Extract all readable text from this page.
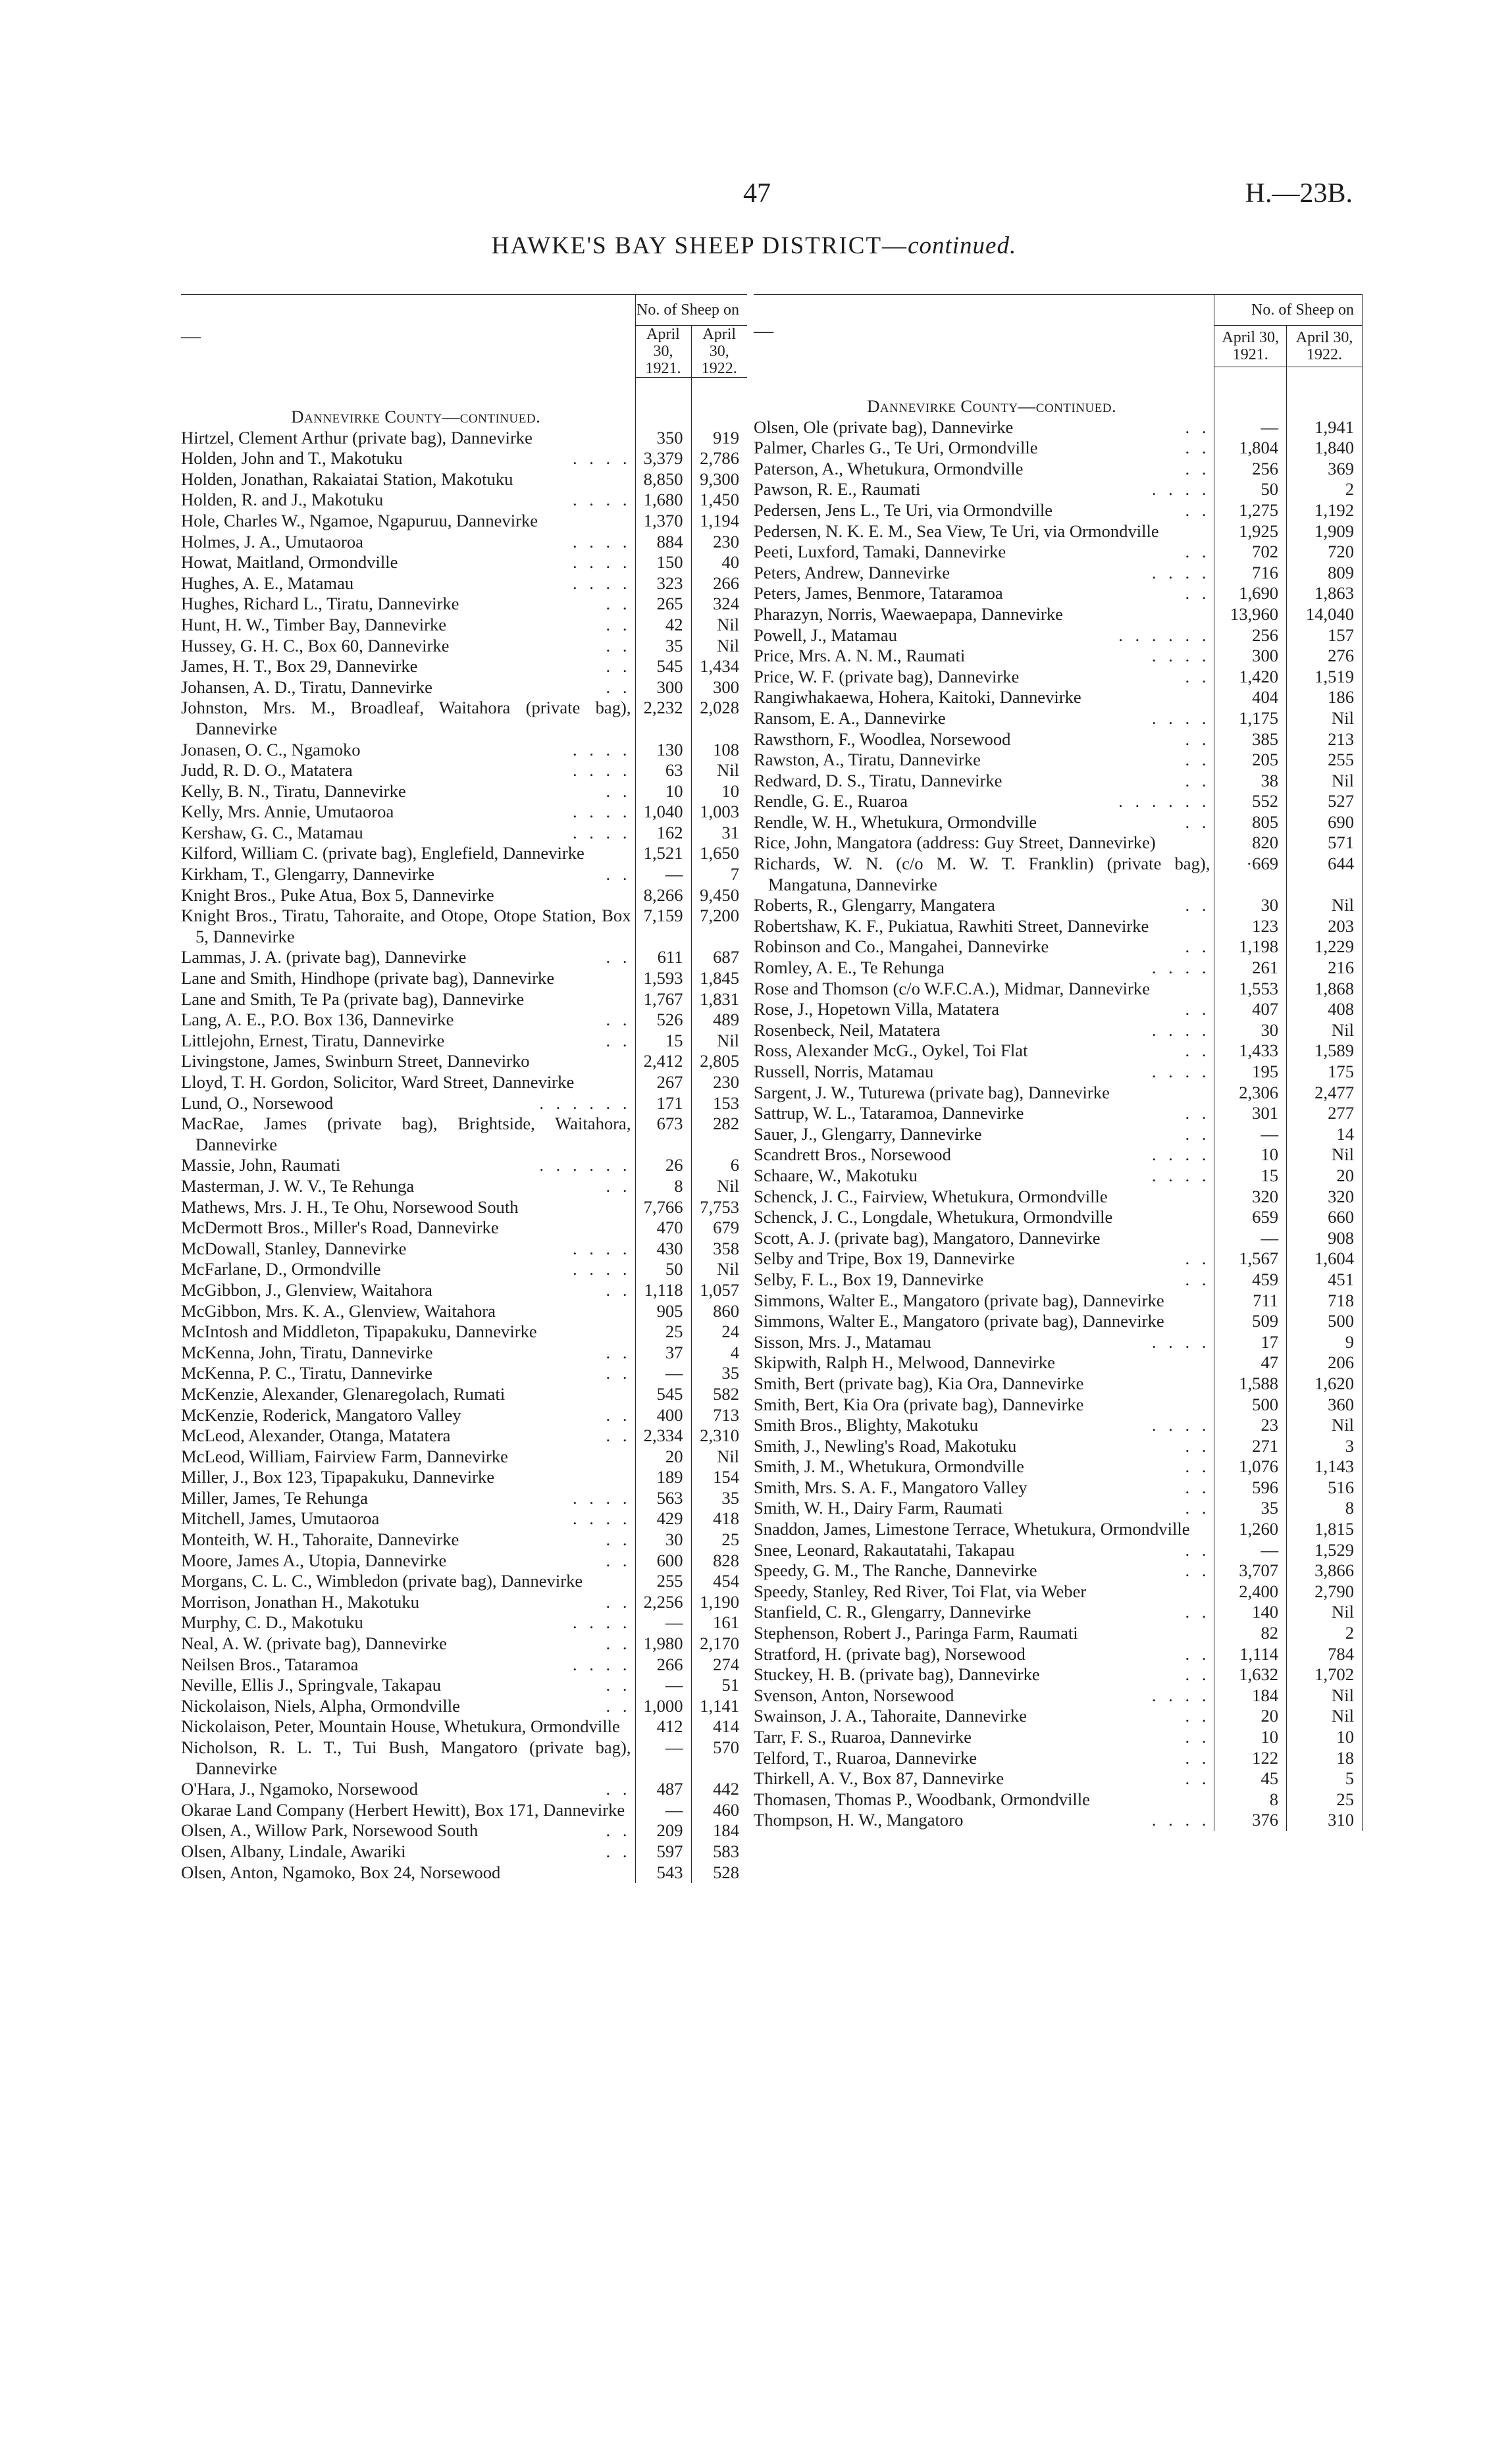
47	H.—23B.
HAWKE'S BAY SHEEP DISTRICT—continued.
—	No. of Sheep on	
	April 30, 1921.	April 30, 1922.

Dannevirke County—continued.		

Hirtzel, Clement Arthur (private bag), Dannevirke	350	919

Holden, John and T., Makotuku . . . .	3,379	2,786

Holden, Jonathan, Rakaiatai Station, Makotuku	8,850	9,300

Holden, R. and J., Makotuku . . . .	1,680	1,450

Hole, Charles W., Ngamoe, Ngapuruu, Dannevirke	1,370	1,194

Holmes, J. A., Umutaoroa . . . .	884	230

Howat, Maitland, Ormondville . . . .	150	40

Hughes, A. E., Matamau . . . .	323	266

Hughes, Richard L., Tiratu, Dannevirke . .	265	324

Hunt, H. W., Timber Bay, Dannevirke . .	42	Nil

Hussey, G. H. C., Box 60, Dannevirke . .	35	Nil

James, H. T., Box 29, Dannevirke . .	545	1,434

Johansen, A. D., Tiratu, Dannevirke . .	300	300

Johnston, Mrs. M., Broadleaf, Waitahora (private bag), Dannevirke	2,232	2,028

Jonasen, O. C., Ngamoko . . . .	130	108

Judd, R. D. O., Matatera . . . .	63	Nil

Kelly, B. N., Tiratu, Dannevirke . .	10	10

Kelly, Mrs. Annie, Umutaoroa . . . .	1,040	1,003

Kershaw, G. C., Matamau . . . .	162	31

Kilford, William C. (private bag), Englefield, Dannevirke	1,521	1,650

Kirkham, T., Glengarry, Dannevirke . .	—	7

Knight Bros., Puke Atua, Box 5, Dannevirke	8,266	9,450

Knight Bros., Tiratu, Tahoraite, and Otope, Otope Station, Box 5, Dannevirke	7,159	7,200

Lammas, J. A. (private bag), Dannevirke . .	611	687

Lane and Smith, Hindhope (private bag), Dannevirke	1,593	1,845

Lane and Smith, Te Pa (private bag), Dannevirke	1,767	1,831

Lang, A. E., P.O. Box 136, Dannevirke . .	526	489

Littlejohn, Ernest, Tiratu, Dannevirke . .	15	Nil

Livingstone, James, Swinburn Street, Dannevirko	2,412	2,805

Lloyd, T. H. Gordon, Solicitor, Ward Street, Dannevirke	267	230

Lund, O., Norsewood . . . . . .	171	153

MacRae, James (private bag), Brightside, Waitahora, Dannevirke	673	282

Massie, John, Raumati . . . . . .	26	6

Masterman, J. W. V., Te Rehunga . .	8	Nil

Mathews, Mrs. J. H., Te Ohu, Norsewood South	7,766	7,753

McDermott Bros., Miller's Road, Dannevirke	470	679

McDowall, Stanley, Dannevirke . . . .	430	358

McFarlane, D., Ormondville . . . .	50	Nil

McGibbon, J., Glenview, Waitahora . .	1,118	1,057

McGibbon, Mrs. K. A., Glenview, Waitahora	905	860

McIntosh and Middleton, Tipapakuku, Dannevirke	25	24

McKenna, John, Tiratu, Dannevirke . .	37	4

McKenna, P. C., Tiratu, Dannevirke . .	—	35

McKenzie, Alexander, Glenaregolach, Rumati	545	582

McKenzie, Roderick, Mangatoro Valley . .	400	713

McLeod, Alexander, Otanga, Matatera . .	2,334	2,310

McLeod, William, Fairview Farm, Dannevirke	20	Nil

Miller, J., Box 123, Tipapakuku, Dannevirke	189	154

Miller, James, Te Rehunga . . . .	563	35

Mitchell, James, Umutaoroa . . . .	429	418

Monteith, W. H., Tahoraite, Dannevirke . .	30	25

Moore, James A., Utopia, Dannevirke . .	600	828

Morgans, C. L. C., Wimbledon (private bag), Dannevirke	255	454

Morrison, Jonathan H., Makotuku . .	2,256	1,190

Murphy, C. D., Makotuku . . . .	—	161

Neal, A. W. (private bag), Dannevirke . .	1,980	2,170

Neilsen Bros., Tataramoa . . . .	266	274

Neville, Ellis J., Springvale, Takapau . .	—	51

Nickolaison, Niels, Alpha, Ormondville . .	1,000	1,141

Nickolaison, Peter, Mountain House, Whetukura, Ormondville	412	414

Nicholson, R. L. T., Tui Bush, Mangatoro (private bag), Dannevirke	—	570

O'Hara, J., Ngamoko, Norsewood . .	487	442

Okarae Land Company (Herbert Hewitt), Box 171, Dannevirke	—	460

Olsen, A., Willow Park, Norsewood South . .	209	184

Olsen, Albany, Lindale, Awariki . .	597	583

Olsen, Anton, Ngamoko, Box 24, Norsewood	543	528
—	No. of Sheep on	
	April 30, 1921.	April 30, 1922.

Dannevirke County—continued.		

Olsen, Ole (private bag), Dannevirke . .	—	1,941

Palmer, Charles G., Te Uri, Ormondville . .	1,804	1,840

Paterson, A., Whetukura, Ormondville . .	256	369

Pawson, R. E., Raumati . . . .	50	2

Pedersen, Jens L., Te Uri, via Ormondville . .	1,275	1,192

Pedersen, N. K. E. M., Sea View, Te Uri, via Ormondville	1,925	1,909

Peeti, Luxford, Tamaki, Dannevirke . .	702	720

Peters, Andrew, Dannevirke . . . .	716	809

Peters, James, Benmore, Tataramoa . .	1,690	1,863

Pharazyn, Norris, Waewaepapa, Dannevirke	13,960	14,040

Powell, J., Matamau . . . . . .	256	157

Price, Mrs. A. N. M., Raumati . . . .	300	276

Price, W. F. (private bag), Dannevirke . .	1,420	1,519

Rangiwhakaewa, Hohera, Kaitoki, Dannevirke	404	186

Ransom, E. A., Dannevirke . . . .	1,175	Nil

Rawsthorn, F., Woodlea, Norsewood . .	385	213

Rawston, A., Tiratu, Dannevirke . .	205	255

Redward, D. S., Tiratu, Dannevirke . .	38	Nil

Rendle, G. E., Ruaroa . . . . . .	552	527

Rendle, W. H., Whetukura, Ormondville . .	805	690

Rice, John, Mangatora (address: Guy Street, Dannevirke)	820	571

Richards, W. N. (c/o M. W. T. Franklin) (private bag), Mangatuna, Dannevirke	·669	644

Roberts, R., Glengarry, Mangatera . .	30	Nil

Robertshaw, K. F., Pukiatua, Rawhiti Street, Dannevirke	123	203

Robinson and Co., Mangahei, Dannevirke . .	1,198	1,229

Romley, A. E., Te Rehunga . . . .	261	216

Rose and Thomson (c/o W.F.C.A.), Midmar, Dannevirke	1,553	1,868

Rose, J., Hopetown Villa, Matatera . .	407	408

Rosenbeck, Neil, Matatera . . . .	30	Nil

Ross, Alexander McG., Oykel, Toi Flat . .	1,433	1,589

Russell, Norris, Matamau . . . .	195	175

Sargent, J. W., Tuturewa (private bag), Dannevirke	2,306	2,477

Sattrup, W. L., Tataramoa, Dannevirke . .	301	277

Sauer, J., Glengarry, Dannevirke . .	—	14

Scandrett Bros., Norsewood . . . .	10	Nil

Schaare, W., Makotuku . . . .	15	20

Schenck, J. C., Fairview, Whetukura, Ormondville	320	320

Schenck, J. C., Longdale, Whetukura, Ormondville	659	660

Scott, A. J. (private bag), Mangatoro, Dannevirke	—	908

Selby and Tripe, Box 19, Dannevirke . .	1,567	1,604

Selby, F. L., Box 19, Dannevirke . .	459	451

Simmons, Walter E., Mangatoro (private bag), Dannevirke	711	718

Simmons, Walter E., Mangatoro (private bag), Dannevirke	509	500

Sisson, Mrs. J., Matamau . . . .	17	9

Skipwith, Ralph H., Melwood, Dannevirke	47	206

Smith, Bert (private bag), Kia Ora, Dannevirke	1,588	1,620

Smith, Bert, Kia Ora (private bag), Dannevirke	500	360

Smith Bros., Blighty, Makotuku . . . .	23	Nil

Smith, J., Newling's Road, Makotuku . .	271	3

Smith, J. M., Whetukura, Ormondville . .	1,076	1,143

Smith, Mrs. S. A. F., Mangatoro Valley . .	596	516

Smith, W. H., Dairy Farm, Raumati . .	35	8

Snaddon, James, Limestone Terrace, Whetukura, Ormondville	1,260	1,815

Snee, Leonard, Rakautatahi, Takapau . .	—	1,529

Speedy, G. M., The Ranche, Dannevirke . .	3,707	3,866

Speedy, Stanley, Red River, Toi Flat, via Weber	2,400	2,790

Stanfield, C. R., Glengarry, Dannevirke . .	140	Nil

Stephenson, Robert J., Paringa Farm, Raumati	82	2

Stratford, H. (private bag), Norsewood . .	1,114	784

Stuckey, H. B. (private bag), Dannevirke . .	1,632	1,702

Svenson, Anton, Norsewood . . . .	184	Nil

Swainson, J. A., Tahoraite, Dannevirke . .	20	Nil

Tarr, F. S., Ruaroa, Dannevirke . .	10	10

Telford, T., Ruaroa, Dannevirke . .	122	18

Thirkell, A. V., Box 87, Dannevirke . .	45	5

Thomasen, Thomas P., Woodbank, Ormondville	8	25

Thompson, H. W., Mangatoro . . . .	376	310
